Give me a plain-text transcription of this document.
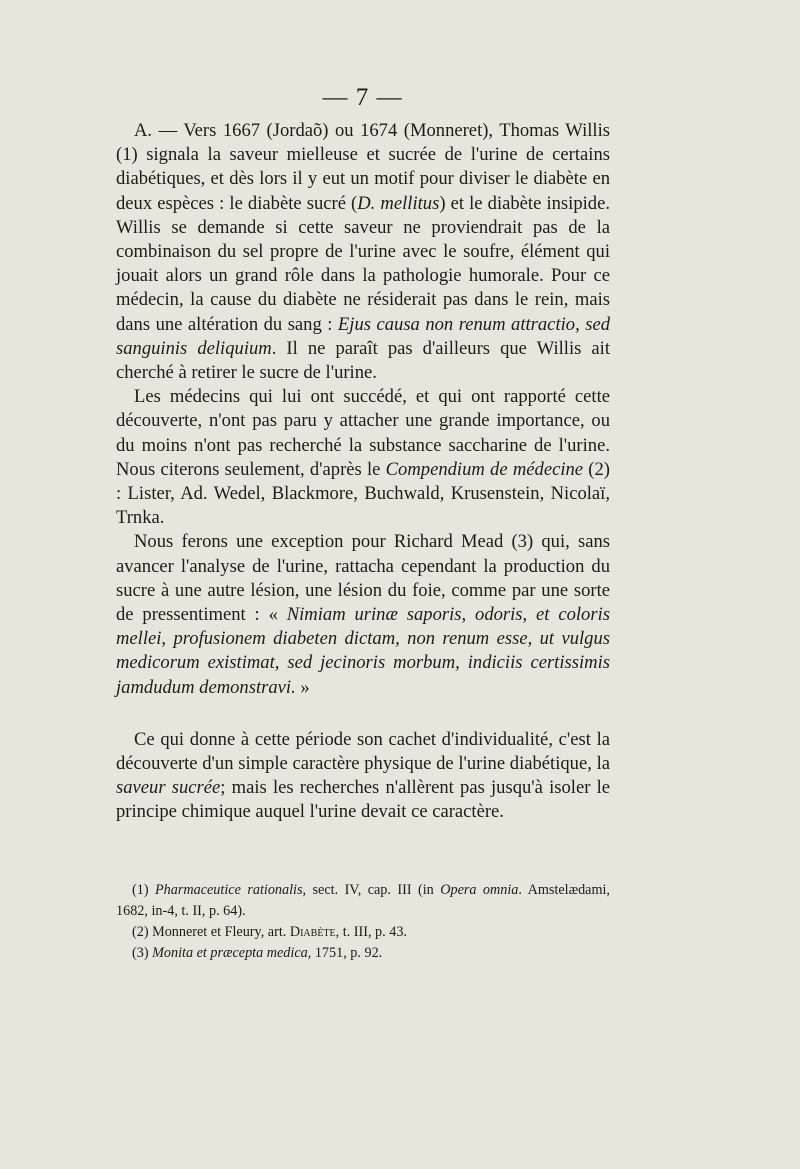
— 7 —

A. — Vers 1667 (Jordaõ) ou 1674 (Monneret), Thomas Willis (1) signala la saveur mielleuse et sucrée de l'urine de certains diabétiques, et dès lors il y eut un motif pour diviser le diabète en deux espèces : le diabète sucré (D. mellitus) et le diabète insipide. Willis se demande si cette saveur ne proviendrait pas de la combinaison du sel propre de l'urine avec le soufre, élément qui jouait alors un grand rôle dans la pathologie humorale. Pour ce médecin, la cause du diabète ne résiderait pas dans le rein, mais dans une altération du sang : Ejus causa non renum attractio, sed sanguinis deliquium. Il ne paraît pas d'ailleurs que Willis ait cherché à retirer le sucre de l'urine.

Les médecins qui lui ont succédé, et qui ont rapporté cette découverte, n'ont pas paru y attacher une grande importance, ou du moins n'ont pas recherché la substance saccharine de l'urine. Nous citerons seulement, d'après le Compendium de médecine (2) : Lister, Ad. Wedel, Blackmore, Buchwald, Krusenstein, Nicolaï, Trnka.

Nous ferons une exception pour Richard Mead (3) qui, sans avancer l'analyse de l'urine, rattacha cependant la production du sucre à une autre lésion, une lésion du foie, comme par une sorte de pressentiment : « Nimiam urinæ saporis, odoris, et coloris mellei, profusionem diabeten dictam, non renum esse, ut vulgus medicorum existimat, sed jecinoris morbum, indiciis certissimis jamdudum demonstravi. »

Ce qui donne à cette période son cachet d'individualité, c'est la découverte d'un simple caractère physique de l'urine diabétique, la saveur sucrée; mais les recherches n'allèrent pas jusqu'à isoler le principe chimique auquel l'urine devait ce caractère.

(1) Pharmaceutice rationalis, sect. IV, cap. III (in Opera omnia. Amstelædami, 1682, in-4, t. II, p. 64).

(2) Monneret et Fleury, art. Diabète, t. III, p. 43.

(3) Monita et præcepta medica, 1751, p. 92.
